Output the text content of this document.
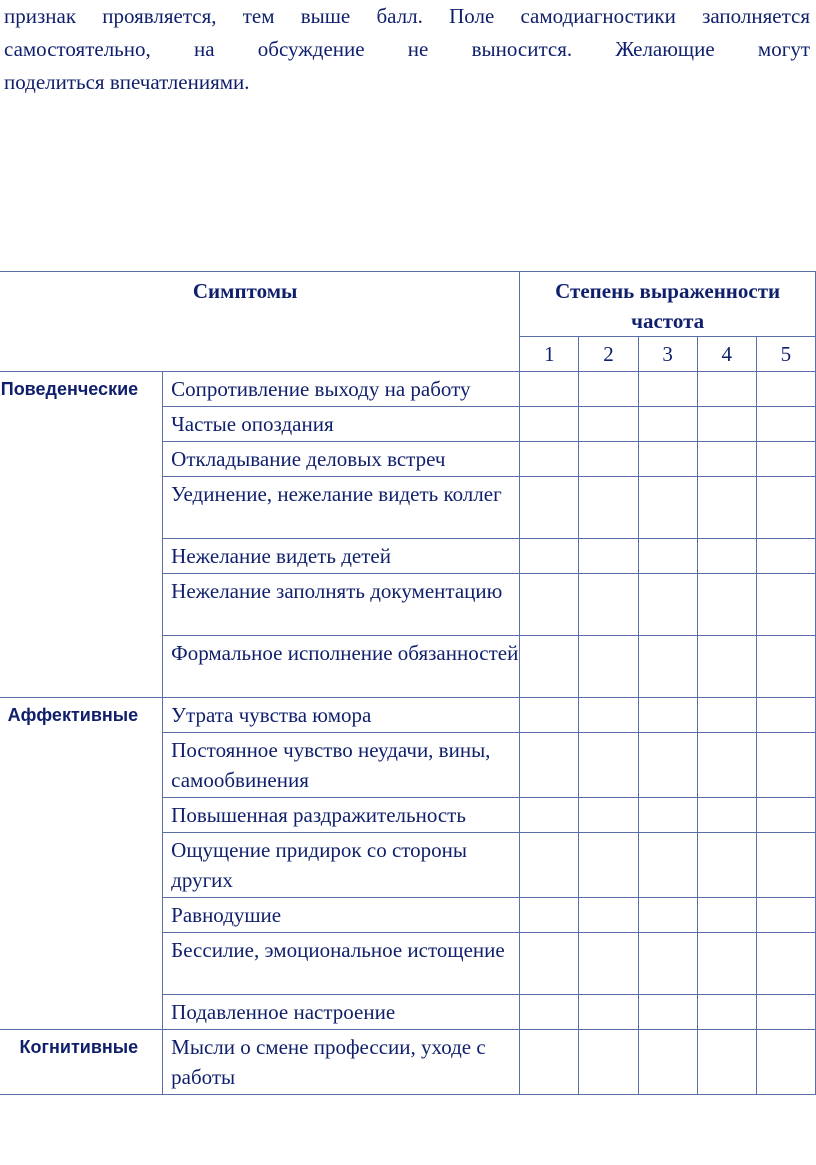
признак проявляется, тем выше балл. Поле самодиагностики заполняется
самостоятельно, на обсуждение не выносится. Желающие могут
поделиться впечатлениями.
Симптомы		Степень выраженности
частота				

		1	2	3	4	5
Поведенческие	Сопротивление выходу на работу					
	Частые опоздания					
	Откладывание деловых встреч					
	Уединение, нежелание видеть коллег					
	Нежелание видеть детей					
	Нежелание заполнять документацию					
	Формальное исполнение обязанностей					
Аффективные	Утрата чувства юмора					
	Постоянное чувство неудачи, вины, самообвинения					
	Повышенная раздражительность					
	Ощущение придирок со стороны других					
	Равнодушие					
	Бессилие, эмоциональное истощение					
	Подавленное настроение					
Когнитивные	Мысли о смене профессии, уходе с работы					
